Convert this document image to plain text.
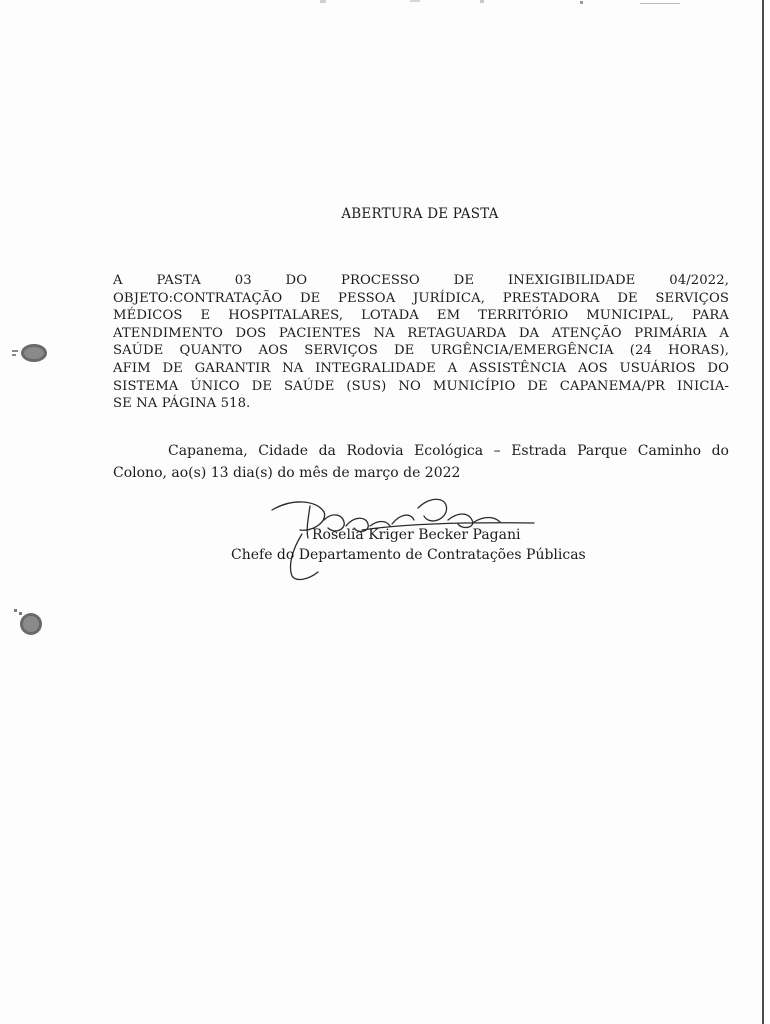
ABERTURA DE PASTA
A PASTA 03 DO PROCESSO DE INEXIGIBILIDADE 04/2022,
OBJETO:CONTRATAÇÃO DE PESSOA JURÍDICA, PRESTADORA DE SERVIÇOS
MÉDICOS E HOSPITALARES, LOTADA EM TERRITÓRIO MUNICIPAL, PARA
ATENDIMENTO DOS PACIENTES NA RETAGUARDA DA ATENÇÃO PRIMÁRIA A
SAÚDE QUANTO AOS SERVIÇOS DE URGÊNCIA/EMERGÊNCIA (24 HORAS),
AFIM DE GARANTIR NA INTEGRALIDADE A ASSISTÊNCIA AOS USUÁRIOS DO
SISTEMA ÚNICO DE SAÚDE (SUS) NO MUNICÍPIO DE CAPANEMA/PR INICIA-
SE NA PÁGINA 518.
Capanema, Cidade da Rodovia Ecológica – Estrada Parque Caminho do
Colono, ao(s) 13 dia(s) do mês de março de 2022
Roselia Kriger Becker Pagani
Chefe do Departamento de Contratações Públicas
